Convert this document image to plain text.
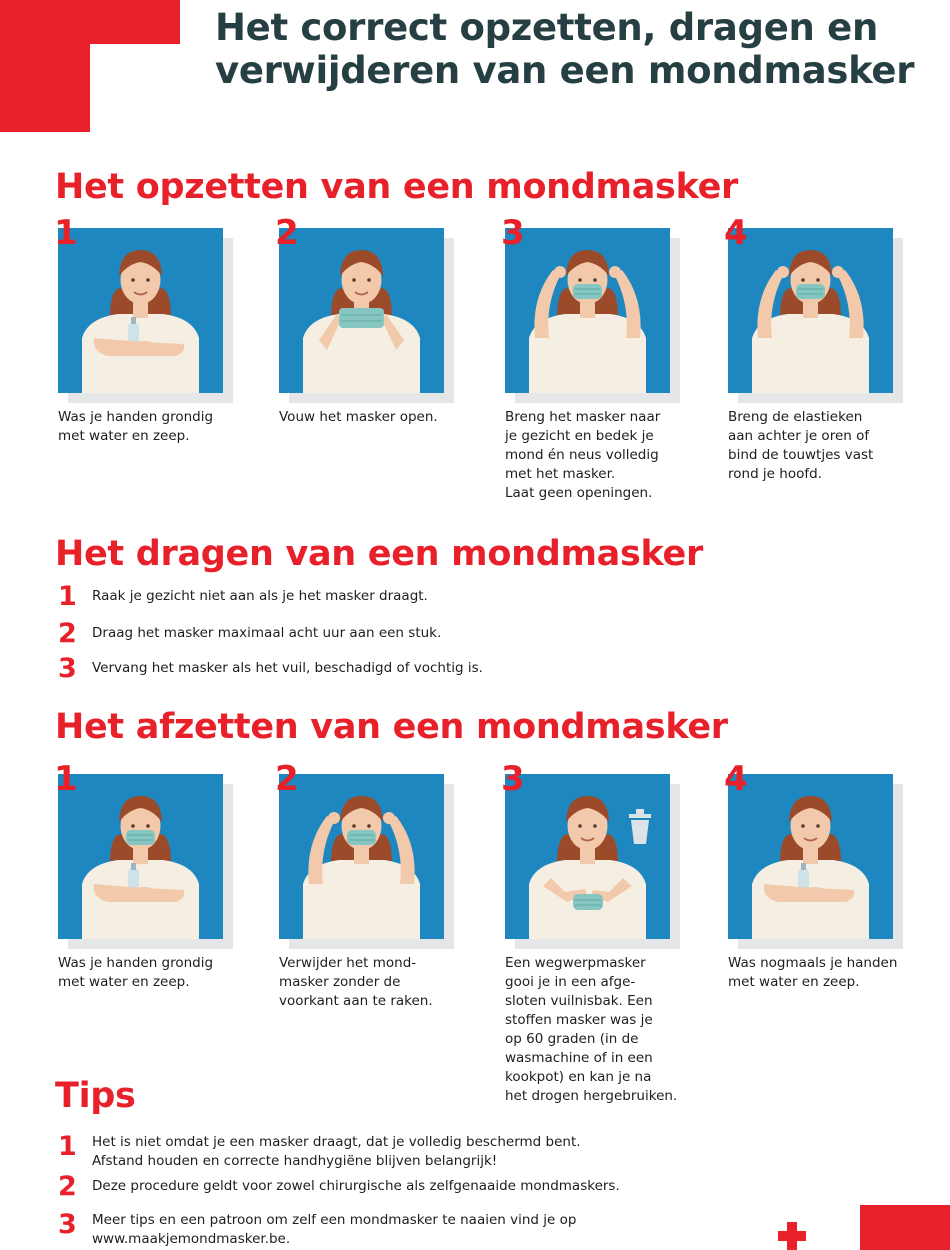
Het correct opzetten, dragen en verwijderen van een mondmasker
Het opzetten van een mondmasker
1

Was je handen grondig
met water en zeep.

2

Vouw het masker open.

3

Breng het masker naar
je gezicht en bedek je
mond én neus volledig
met het masker.
Laat geen openingen.

4

Breng de elastieken
aan achter je oren of
bind de touwtjes vast
rond je hoofd.

Het dragen van een mondmasker
1 Raak je gezicht niet aan als je het masker draagt.

2 Draag het masker maximaal acht uur aan een stuk.

3 Vervang het masker als het vuil, beschadigd of vochtig is.

Het afzetten van een mondmasker
1

Was je handen grondig
met water en zeep.

2

Verwijder het mond-
masker zonder de
voorkant aan te raken.

3

Een wegwerpmasker
gooi je in een afge-
sloten vuilnisbak. Een
stoffen masker was je
op 60 graden (in de
wasmachine of in een
kookpot) en kan je na
het drogen hergebruiken.

4

Was nogmaals je handen
met water en zeep.

Tips
1 Het is niet omdat je een masker draagt, dat je volledig beschermd bent.
Afstand houden en correcte handhygiëne blijven belangrijk!

2 Deze procedure geldt voor zowel chirurgische als zelfgenaaide mondmaskers.

3 Meer tips en een patroon om zelf een mondmasker te naaien vind je op
www.maakjemondmasker.be.
